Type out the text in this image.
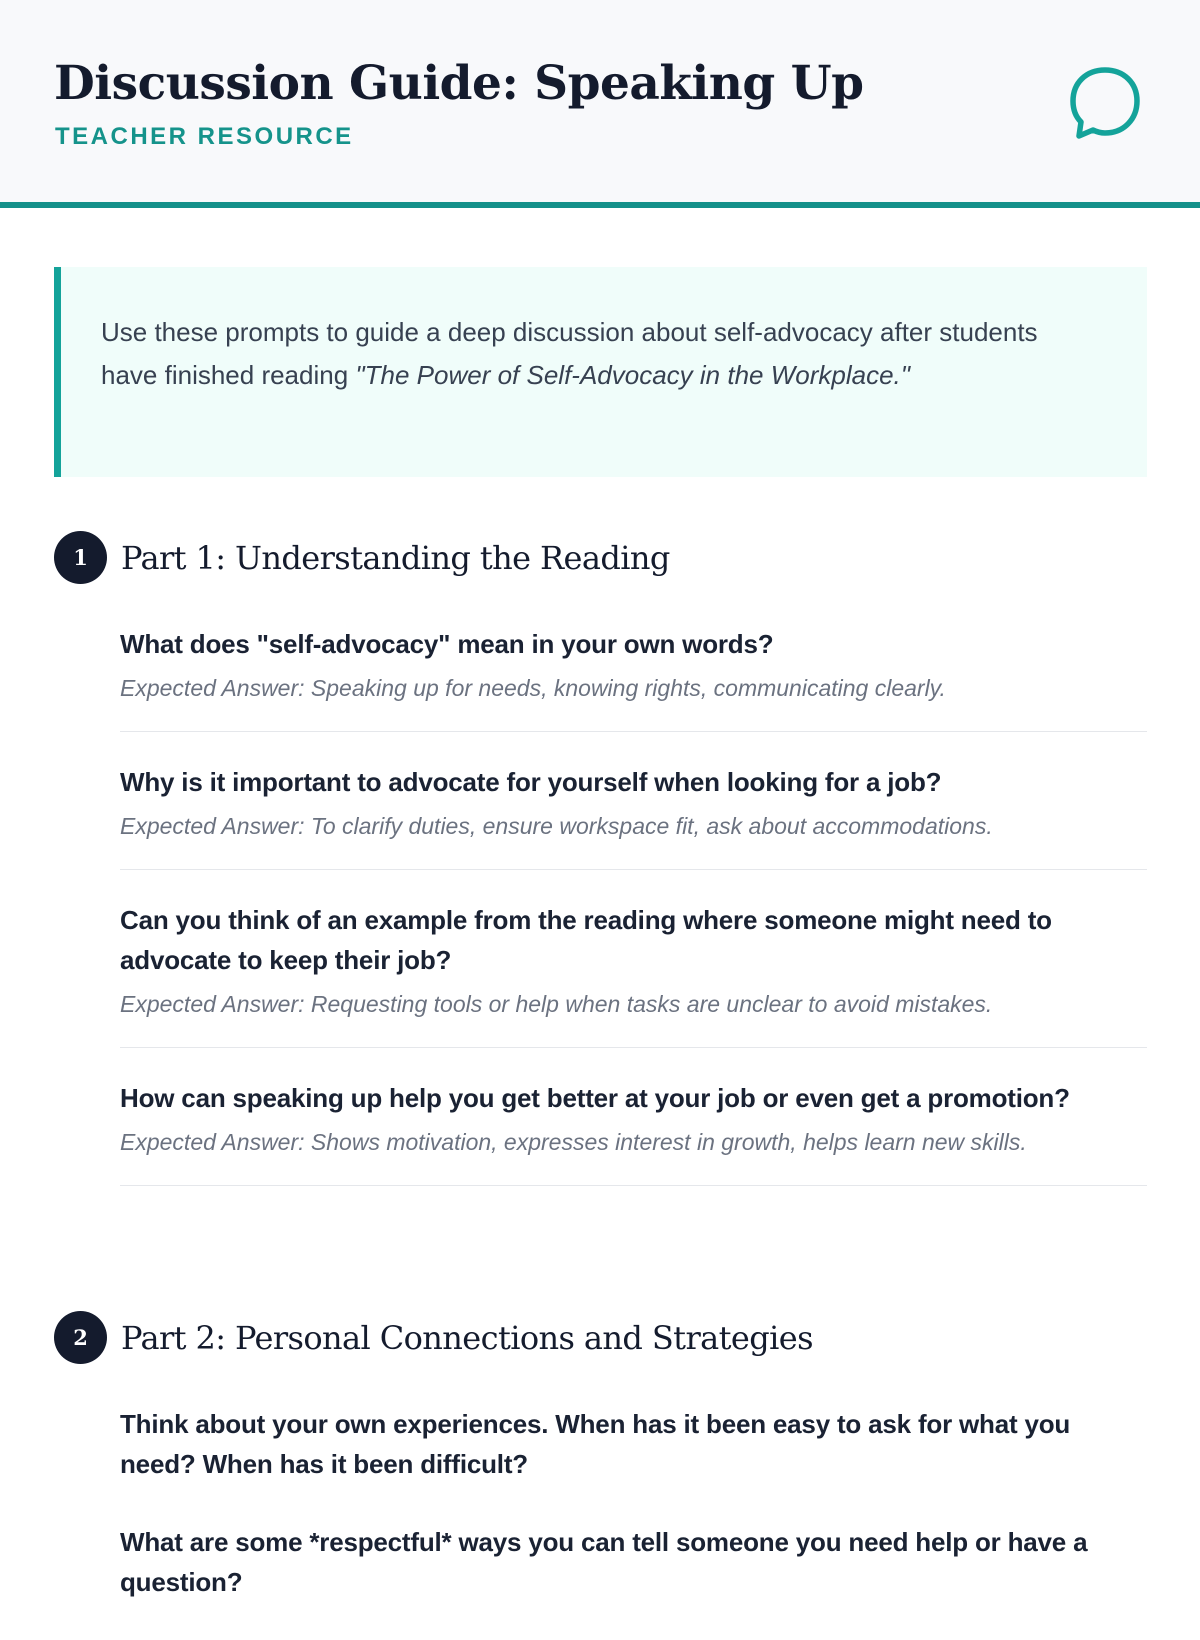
Discussion Guide: Speaking Up
TEACHER RESOURCE
Use these prompts to guide a deep discussion about self-advocacy after students have finished reading "The Power of Self-Advocacy in the Workplace."
1	Part 1: Understanding the Reading
What does "self-advocacy" mean in your own words?
Expected Answer: Speaking up for needs, knowing rights, communicating clearly.
Why is it important to advocate for yourself when looking for a job?
Expected Answer: To clarify duties, ensure workspace fit, ask about accommodations.
Can you think of an example from the reading where someone might need to advocate to keep their job?
Expected Answer: Requesting tools or help when tasks are unclear to avoid mistakes.
How can speaking up help you get better at your job or even get a promotion?
Expected Answer: Shows motivation, expresses interest in growth, helps learn new skills.
2	Part 2: Personal Connections and Strategies
Think about your own experiences. When has it been easy to ask for what you need? When has it been difficult?
What are some *respectful* ways you can tell someone you need help or have a question?
